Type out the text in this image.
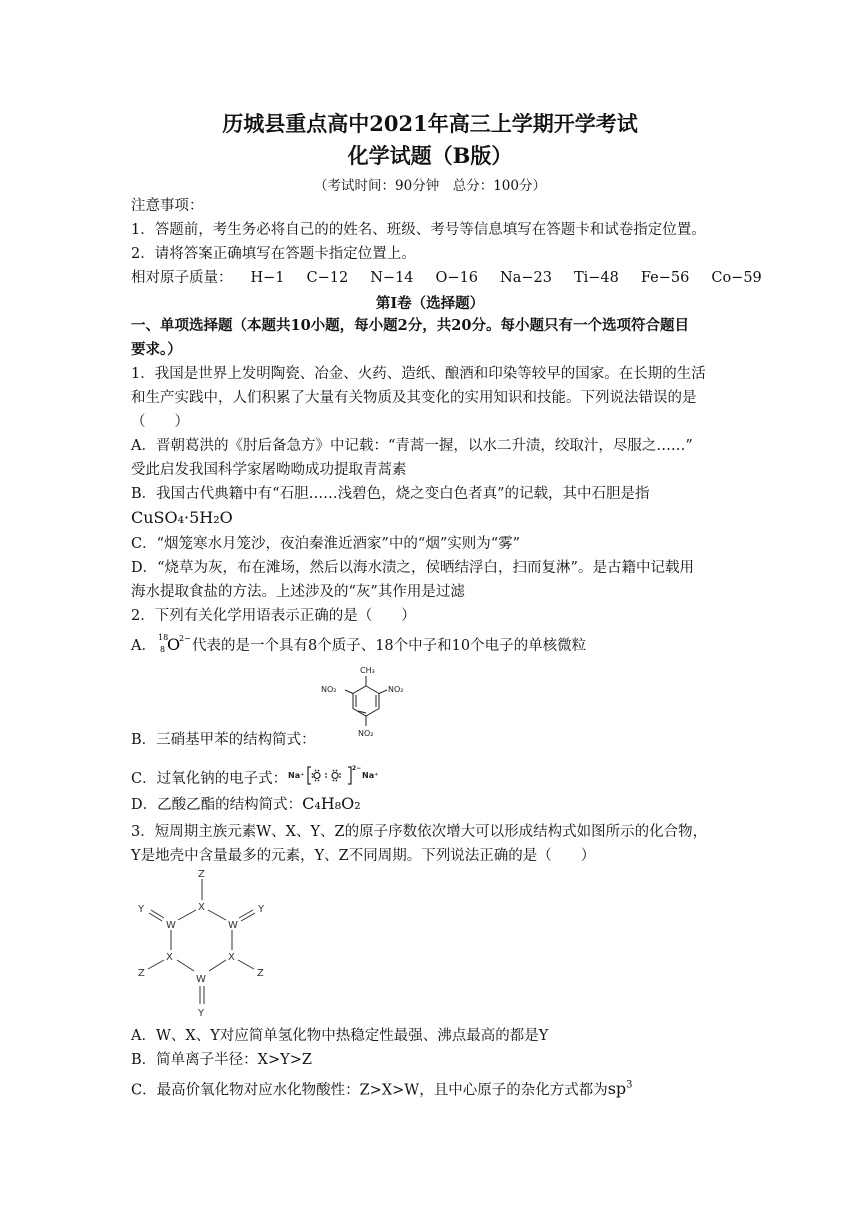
历城县重点高中2021年高三上学期开学考试
化学试题（B版）
（考试时间：90分钟　总分：100分）
注意事项：
1．答题前，考生务必将自己的的姓名、班级、考号等信息填写在答题卡和试卷指定位置。
2．请将答案正确填写在答题卡指定位置上。
相对原子质量： H−1 C−12 N−14 O−16 Na−23 Ti−48 Fe−56 Co−59
第Ⅰ卷（选择题）
一、单项选择题（本题共10小题，每小题2分，共20分。每小题只有一个选项符合题目
要求。）
1．我国是世界上发明陶瓷、冶金、火药、造纸、酿酒和印染等较早的国家。在长期的生活
和生产实践中，人们积累了大量有关物质及其变化的实用知识和技能。下列说法错误的是
（　　）
A．晋朝葛洪的《肘后备急方》中记载：“青蒿一握，以水二升渍，绞取汁，尽服之……”
受此启发我国科学家屠呦呦成功提取青蒿素
B．我国古代典籍中有“石胆……浅碧色，烧之变白色者真”的记载，其中石胆是指
CuSO₄·5H₂O
C．“烟笼寒水月笼沙，夜泊秦淮近酒家”中的“烟”实则为“雾”
D．“烧草为灰，布在滩场，然后以海水渍之，侯晒结浮白，扫而复淋”。是古籍中记载用
海水提取食盐的方法。上述涉及的“灰”其作用是过滤
2．下列有关化学用语表示正确的是（　　）
A．
18
8 O
2− 代表的是一个具有8个质子、18个中子和10个电子的单核微粒
CH₃
NO₂
NO₂
NO₂
B．三硝基甲苯的结构简式：
C．过氧化钠的电子式： Na⁺	Na⁺
2−
D．乙酸乙酯的结构简式：C₄H₈O₂
3．短周期主族元素W、X、Y、Z的原子序数依次增大可以形成结构式如图所示的化合物，
Y是地壳中含量最多的元素，Y、Z不同周期。下列说法正确的是（　　）
Z
X
W	W
X	X
W
Y	Y
Z	Z
Y
A．W、X、Y对应简单氢化物中热稳定性最强、沸点最高的都是Y
B．简单离子半径：X>Y>Z
C．最高价氧化物对应水化物酸性：Z>X>W，且中心原子的杂化方式都为$sp^3$
